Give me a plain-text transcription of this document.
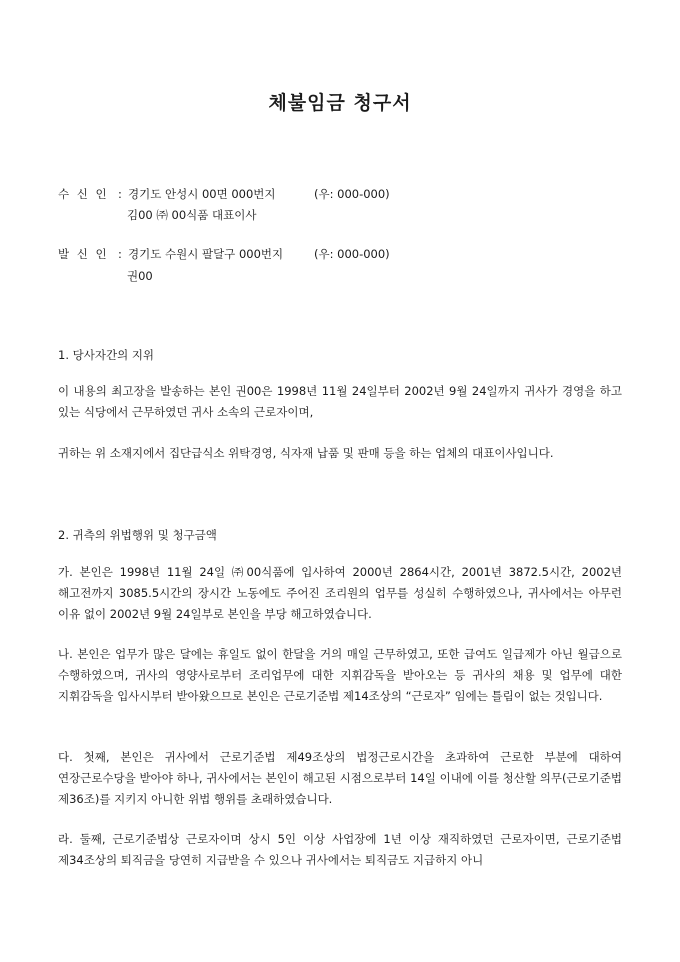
체불임금 청구서
수 신 인 : 경기도 안성시 00면 000번지	(우: 000-000)
김00 ㈜ 00식품 대표이사
발 신 인 : 경기도 수원시 팔달구 000번지	(우: 000-000)
권00
1. 당사자간의 지위
이 내용의 최고장을 발송하는 본인 권00은 1998년 11월 24일부터 2002년 9월 24일까지 귀사가 경영을 하고 있는 식당에서 근무하였던 귀사 소속의 근로자이며,
귀하는 위 소재지에서 집단급식소 위탁경영, 식자재 납품 및 판매 등을 하는 업체의 대표이사입니다.
2. 귀측의 위법행위 및 청구금액
가. 본인은 1998년 11월 24일 ㈜00식품에 입사하여 2000년 2864시간, 2001년 3872.5시간, 2002년 해고전까지 3085.5시간의 장시간 노동에도 주어진 조리원의 업무를 성실히 수행하였으나, 귀사에서는 아무런 이유 없이 2002년 9월 24일부로 본인을 부당 해고하였습니다.
나. 본인은 업무가 많은 달에는 휴일도 없이 한달을 거의 매일 근무하였고, 또한 급여도 일급제가 아닌 월급으로 수행하였으며, 귀사의 영양사로부터 조리업무에 대한 지휘감독을 받아오는 등 귀사의 채용 및 업무에 대한 지휘감독을 입사시부터 받아왔으므로 본인은 근로기준법 제14조상의 “근로자” 임에는 틀림이 없는 것입니다.
다. 첫째, 본인은 귀사에서 근로기준법 제49조상의 법정근로시간을 초과하여 근로한 부분에 대하여 연장근로수당을 받아야 하나, 귀사에서는 본인이 해고된 시점으로부터 14일 이내에 이를 청산할 의무(근로기준법 제36조)를 지키지 아니한 위법 행위를 초래하였습니다.
라. 둘째, 근로기준법상 근로자이며 상시 5인 이상 사업장에 1년 이상 재직하였던 근로자이면, 근로기준법 제34조상의 퇴직금을 당연히 지급받을 수 있으나 귀사에서는 퇴직금도 지급하지 아니
